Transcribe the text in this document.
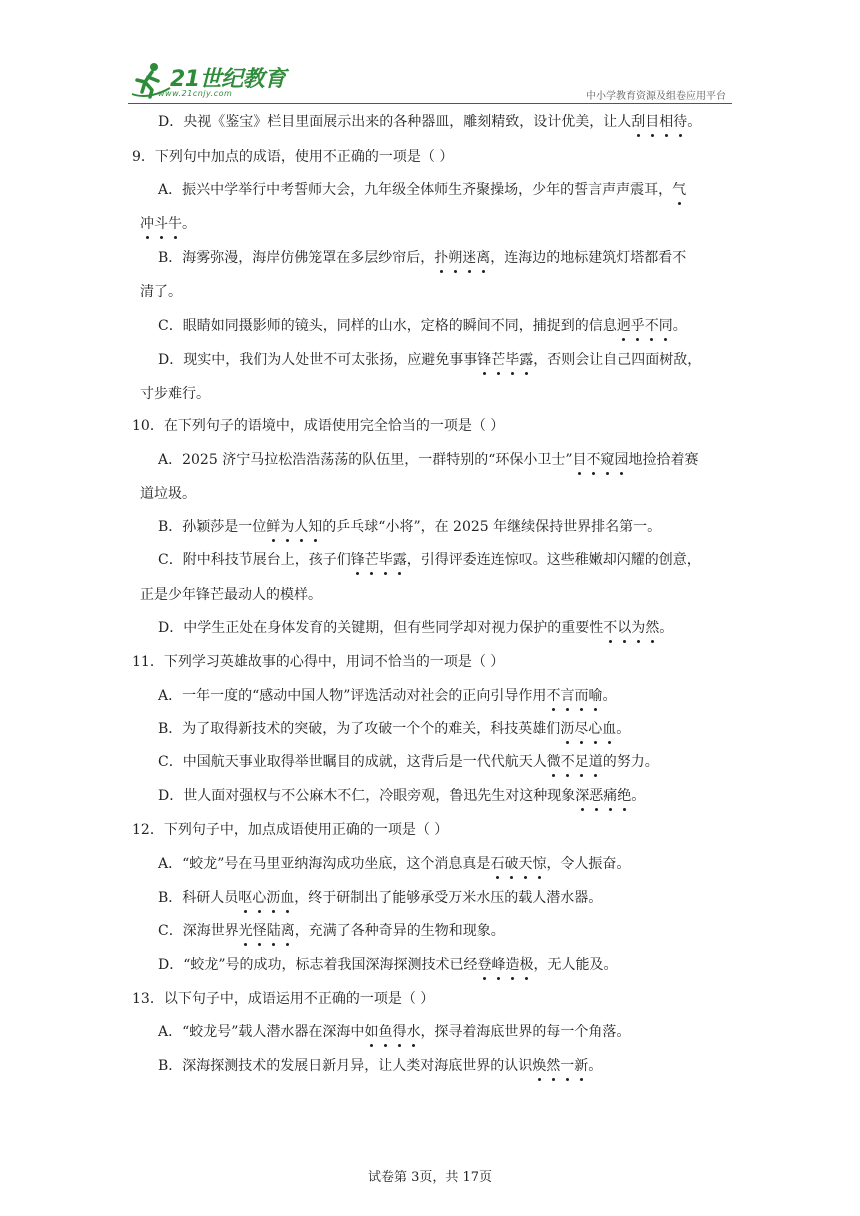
21世纪教育
www.21cnjy.com	中小学教育资源及组卷应用平台
D．央视《鉴宝》栏目里面展示出来的各种器皿，雕刻精致，设计优美，让人刮目相待。
9．下列句中加点的成语，使用不正确的一项是（ ）
A．振兴中学举行中考誓师大会，九年级全体师生齐聚操场，少年的誓言声声震耳，气
冲斗牛。
B．海雾弥漫，海岸仿佛笼罩在多层纱帘后，扑朔迷离，连海边的地标建筑灯塔都看不
清了。
C．眼睛如同摄影师的镜头，同样的山水，定格的瞬间不同，捕捉到的信息迥乎不同。
D．现实中，我们为人处世不可太张扬，应避免事事锋芒毕露，否则会让自己四面树敌，
寸步难行。
10．在下列句子的语境中，成语使用完全恰当的一项是（ ）
A．2025 济宁马拉松浩浩荡荡的队伍里，一群特别的“环保小卫士”目不窥园地捡拾着赛
道垃圾。
B．孙颖莎是一位鲜为人知的乒乓球“小将”，在 2025 年继续保持世界排名第一。
C．附中科技节展台上，孩子们锋芒毕露，引得评委连连惊叹。这些稚嫩却闪耀的创意，
正是少年锋芒最动人的模样。
D．中学生正处在身体发育的关键期，但有些同学却对视力保护的重要性不以为然。
11．下列学习英雄故事的心得中，用词不恰当的一项是（ ）
A．一年一度的“感动中国人物”评选活动对社会的正向引导作用不言而喻。
B．为了取得新技术的突破，为了攻破一个个的难关，科技英雄们沥尽心血。
C．中国航天事业取得举世瞩目的成就，这背后是一代代航天人微不足道的努力。
D．世人面对强权与不公麻木不仁，冷眼旁观，鲁迅先生对这种现象深恶痛绝。
12．下列句子中，加点成语使用正确的一项是（ ）
A．“蛟龙”号在马里亚纳海沟成功坐底，这个消息真是石破天惊，令人振奋。
B．科研人员呕心沥血，终于研制出了能够承受万米水压的载人潜水器。
C．深海世界光怪陆离，充满了各种奇异的生物和现象。
D．“蛟龙”号的成功，标志着我国深海探测技术已经登峰造极，无人能及。
13．以下句子中，成语运用不正确的一项是（ ）
A．“蛟龙号”载人潜水器在深海中如鱼得水，探寻着海底世界的每一个角落。
B．深海探测技术的发展日新月异，让人类对海底世界的认识焕然一新。
试卷第 3页，共 17页
